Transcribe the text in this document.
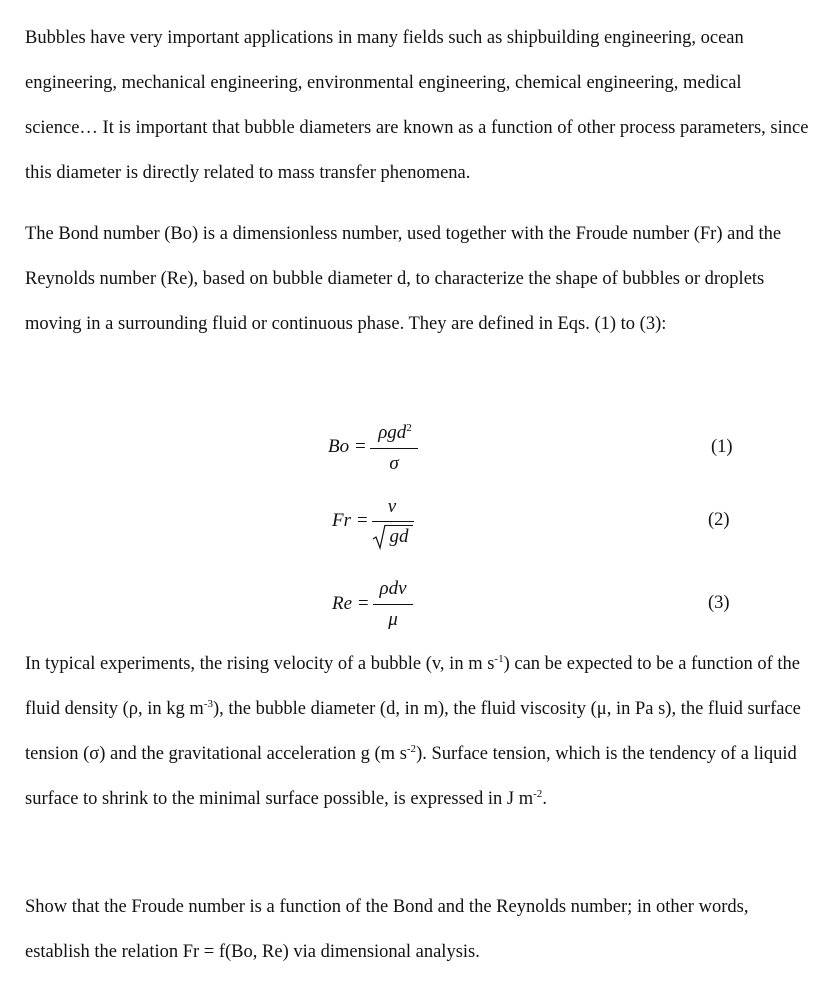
Bubbles have very important applications in many fields such as shipbuilding engineering, ocean engineering, mechanical engineering, environmental engineering, chemical engineering, medical science… It is important that bubble diameters are known as a function of other process parameters, since this diameter is directly related to mass transfer phenomena.

The Bond number (Bo) is a dimensionless number, used together with the Froude number (Fr) and the Reynolds number (Re), based on bubble diameter d, to characterize the shape of bubbles or droplets moving in a surrounding fluid or continuous phase. They are defined in Eqs. (1) to (3):

Bo =
ρgd$^2$
σ
(1)
Fr =
v
gd
(2)
Re =
ρdv
μ
(3)

In typical experiments, the rising velocity of a bubble (v, in m $s^{-1}$) can be expected to be a function of the fluid density (ρ, in kg $m^{-3}$), the bubble diameter (d, in m), the fluid viscosity (μ, in Pa s), the fluid surface tension (σ) and the gravitational acceleration g (m $s^{-2}$). Surface tension, which is the tendency of a liquid surface to shrink to the minimal surface possible, is expressed in J $m^{-2}$.

Show that the Froude number is a function of the Bond and the Reynolds number; in other words, establish the relation Fr = f(Bo, Re) via dimensional analysis.
